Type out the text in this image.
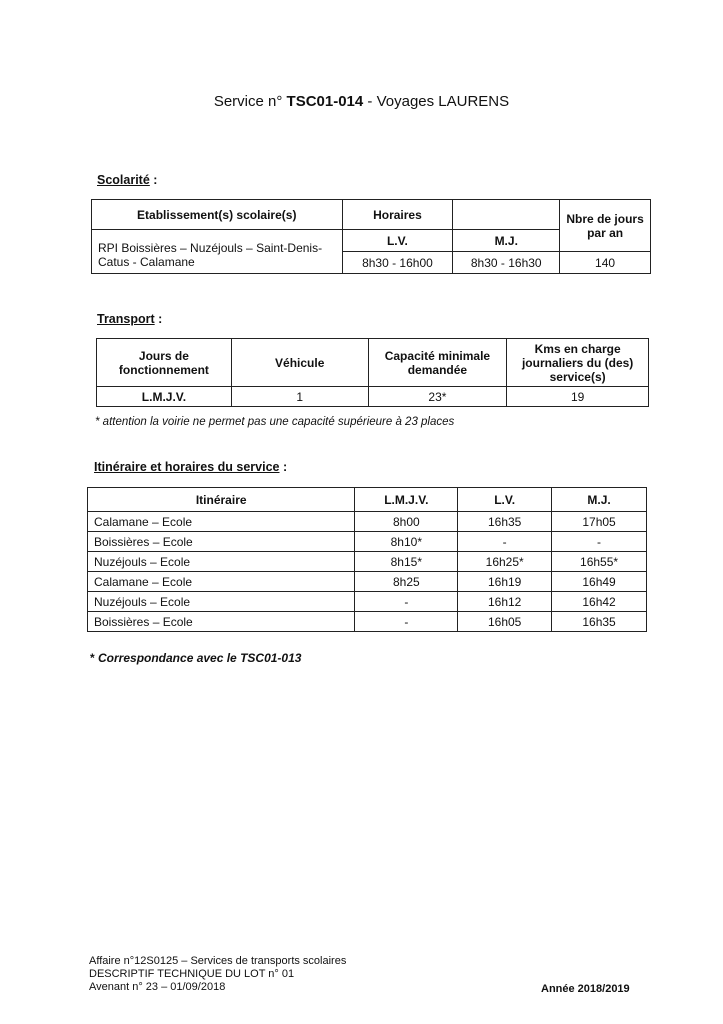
Service n° TSC01-014 - Voyages LAURENS
Scolarité :
Etablissement(s) scolaire(s)	Horaires		Nbre de jours par an
RPI Boissières – Nuzéjouls – Saint-Denis-Catus - Calamane	L.V.	M.J.	
	8h30 - 16h00	8h30 - 16h30	140
Transport :
Jours de fonctionnement	Véhicule	Capacité minimale demandée	Kms en charge journaliers du (des) service(s)
L.M.J.V.	1	23*	19
* attention la voirie ne permet pas une capacité supérieure à 23 places
Itinéraire et horaires du service :
Itinéraire	L.M.J.V.	L.V.	M.J.
Calamane – Ecole	8h00	16h35	17h05
Boissières – Ecole	8h10*	-	-
Nuzéjouls – Ecole	8h15*	16h25*	16h55*
Calamane – Ecole	8h25	16h19	16h49
Nuzéjouls – Ecole	-	16h12	16h42
Boissières – Ecole	-	16h05	16h35
* Correspondance avec le TSC01-013
Affaire n°12S0125 – Services de transports scolaires
DESCRIPTIF TECHNIQUE DU LOT n° 01
Avenant n° 23 – 01/09/2018	Année 2018/2019
